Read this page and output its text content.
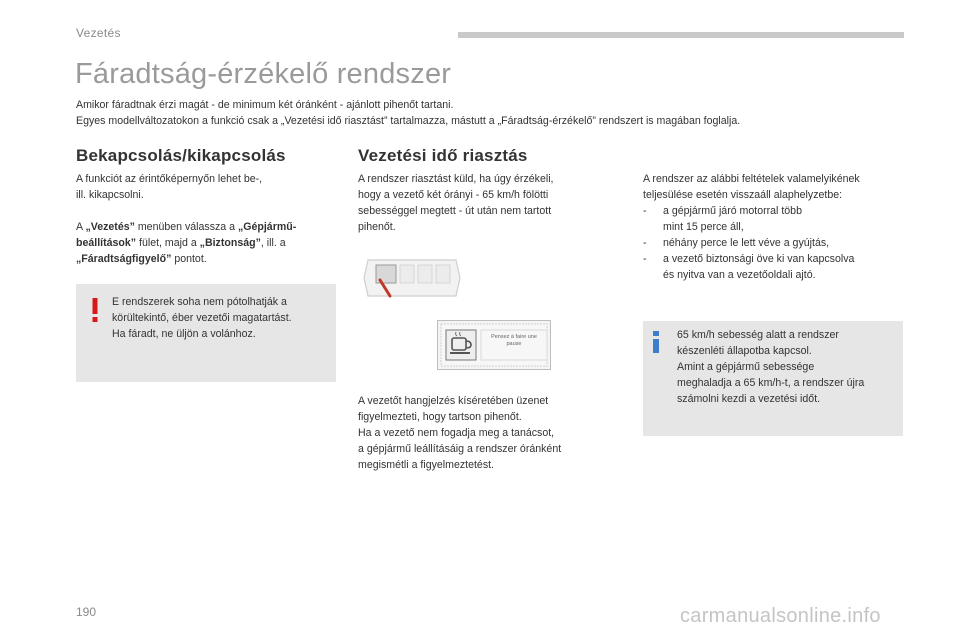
Vezetés
Fáradtság-érzékelő rendszer
Amikor fáradtnak érzi magát - de minimum két óránként - ajánlott pihenőt tartani.
Egyes modellváltozatokon a funkció csak a „Vezetési idő riasztást” tartalmazza, mástutt a „Fáradtság-érzékelő” rendszert is magában foglalja.
Bekapcsolás/kikapcsolás
A funkciót az érintőképernyőn lehet be-,
ill. kikapcsolni.
A „Vezetés” menüben válassza a „Gépjármű-
beállítások” fület, majd a „Biztonság”, ill. a
„Fáradtságfigyelő” pontot.
E rendszerek soha nem pótolhatják a
körültekintő, éber vezetői magatartást.
Ha fáradt, ne üljön a volánhoz.
Vezetési idő riasztás
A rendszer riasztást küld, ha úgy érzékeli,
hogy a vezető két órányi - 65 km/h fölötti
sebességgel megtett - út után nem tartott
pihenőt.
Pensez à faire une pause
A vezetőt hangjelzés kíséretében üzenet
figyelmezteti, hogy tartson pihenőt.
Ha a vezető nem fogadja meg a tanácsot,
a gépjármű leállításáig a rendszer óránként
megismétli a figyelmeztetést.
A rendszer az alábbi feltételek valamelyikének
teljesülése esetén visszaáll alaphelyzetbe:
- a gépjármű járó motorral több
mint 15 perce áll,
- néhány perce le lett véve a gyújtás,
- a vezető biztonsági öve ki van kapcsolva
és nyitva van a vezetőoldali ajtó.
65 km/h sebesség alatt a rendszer
készenléti állapotba kapcsol.
Amint a gépjármű sebessége
meghaladja a 65 km/h-t, a rendszer újra
számolni kezdi a vezetési időt.
190	carmanualsonline.info
